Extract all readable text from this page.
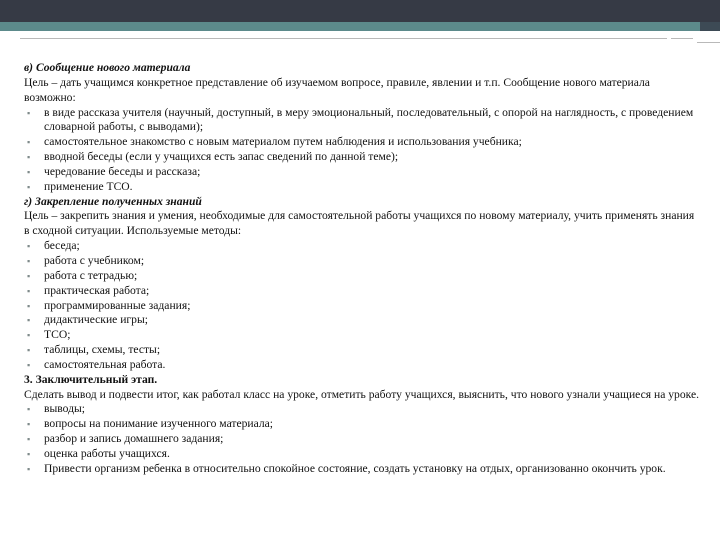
в) Сообщение нового материала

Цель – дать учащимся конкретное представление об изучаемом вопросе, правиле, явлении и т.п. Сообщение нового материала возможно:

▪ в виде рассказа учителя (научный, доступный, в меру эмоциональный, последовательный, с опорой на наглядность, с проведением словарной работы, с выводами);
▪ самостоятельное знакомство с новым материалом путем наблюдения и использования учебника;
▪ вводной беседы (если у учащихся есть запас сведений по данной теме);
▪ чередование беседы и рассказа;
▪ применение ТСО.

г) Закрепление полученных знаний

Цель – закрепить знания и умения, необходимые для самостоятельной работы учащихся по новому материалу, учить применять знания в сходной ситуации. Используемые методы:

▪ беседа;
▪ работа с учебником;
▪ работа с тетрадью;
▪ практическая работа;
▪ программированные задания;
▪ дидактические игры;
▪ ТСО;
▪ таблицы, схемы, тесты;
▪ самостоятельная работа.

3. Заключительный этап.

Сделать вывод и подвести итог, как работал класс на уроке, отметить работу учащихся, выяснить, что нового узнали учащиеся на уроке.

▪ выводы;
▪ вопросы на понимание изученного материала;
▪ разбор и запись домашнего задания;
▪ оценка работы учащихся.
▪ Привести организм ребенка в относительно спокойное состояние, создать установку на отдых, организованно окончить урок.
